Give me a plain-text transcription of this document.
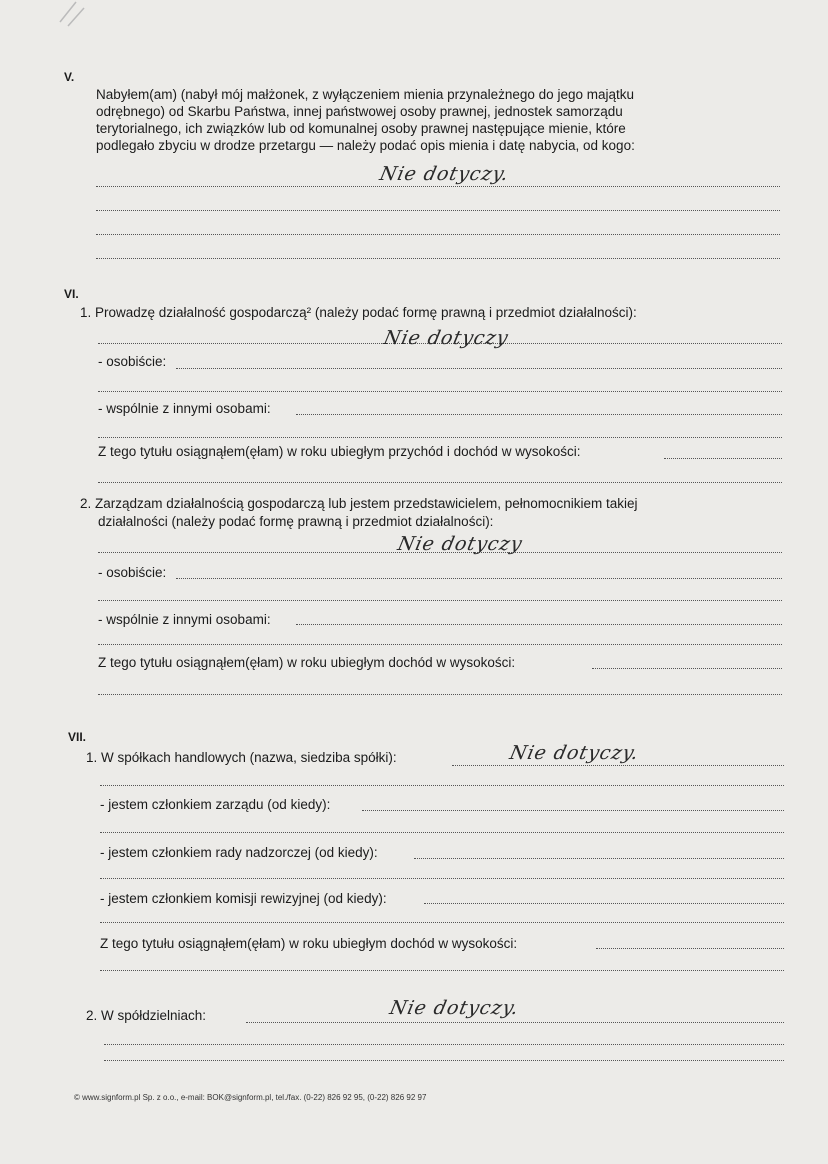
V.
Nabyłem(am) (nabył mój małżonek, z wyłączeniem mienia przynależnego do jego majątku
odrębnego) od Skarbu Państwa, innej państwowej osoby prawnej, jednostek samorządu
terytorialnego, ich związków lub od komunalnej osoby prawnej następujące mienie, które
podlegało zbyciu w drodze przetargu — należy podać opis mienia i datę nabycia, od kogo:
Nie dotyczy.
VI.
1. Prowadzę działalność gospodarczą² (należy podać formę prawną i przedmiot działalności):
Nie dotyczy
- osobiście:
- wspólnie z innymi osobami:
Z tego tytułu osiągnąłem(ęłam) w roku ubiegłym przychód i dochód w wysokości:
2. Zarządzam działalnością gospodarczą lub jestem przedstawicielem, pełnomocnikiem takiej
działalności (należy podać formę prawną i przedmiot działalności):
Nie dotyczy
- osobiście:
- wspólnie z innymi osobami:
Z tego tytułu osiągnąłem(ęłam) w roku ubiegłym dochód w wysokości:
VII.
1. W spółkach handlowych (nazwa, siedziba spółki):	Nie dotyczy.
- jestem członkiem zarządu (od kiedy):
- jestem członkiem rady nadzorczej (od kiedy):
- jestem członkiem komisji rewizyjnej (od kiedy):
Z tego tytułu osiągnąłem(ęłam) w roku ubiegłym dochód w wysokości:
2. W spółdzielniach:	Nie dotyczy.
© www.signform.pl Sp. z o.o., e-mail: BOK@signform.pl, tel./fax. (0-22) 826 92 95, (0-22) 826 92 97
